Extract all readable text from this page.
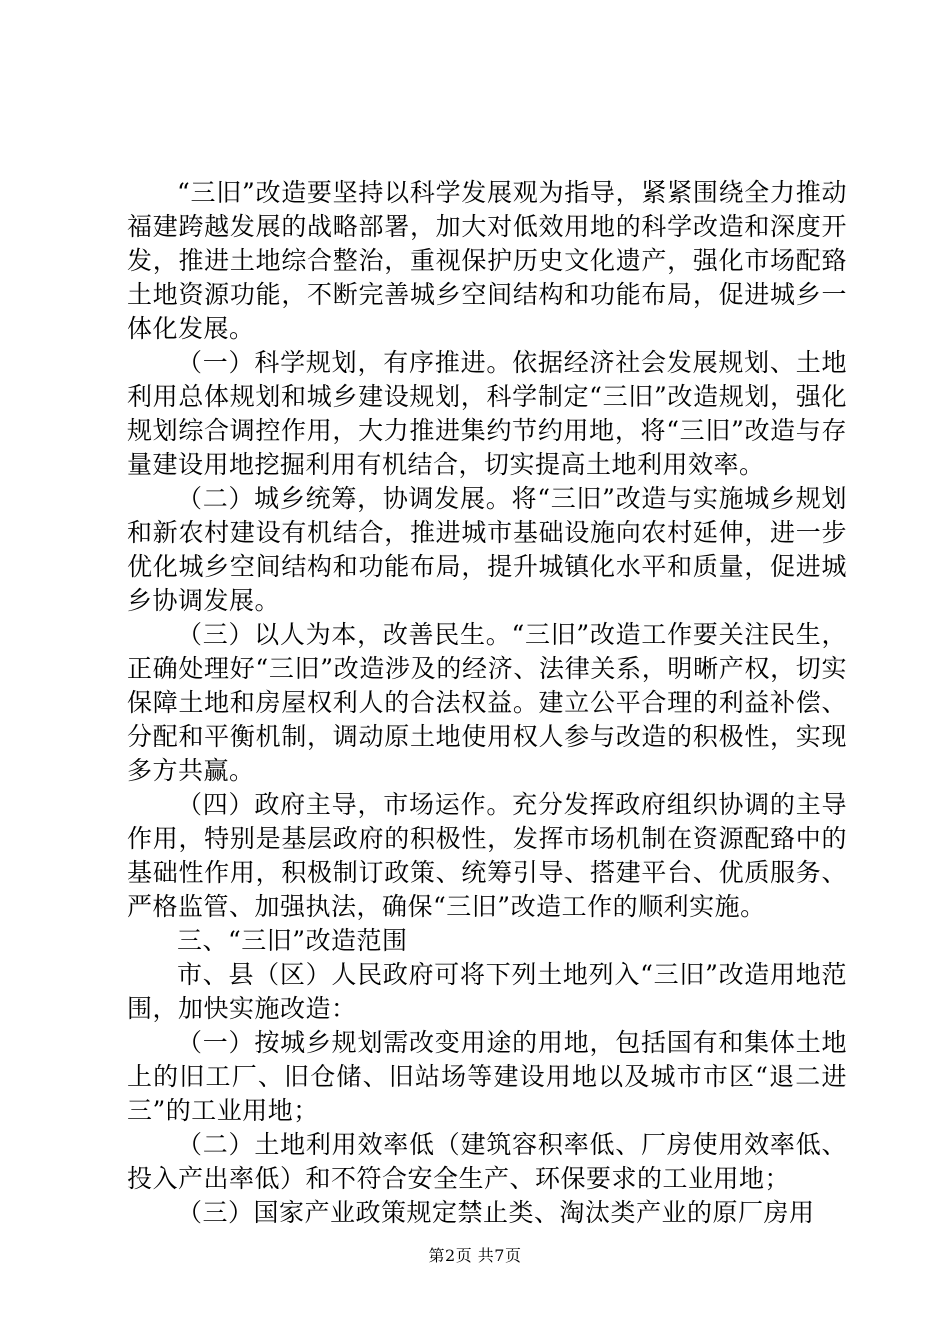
“三旧”改造要坚持以科学发展观为指导，紧紧围绕全力推动福建跨越发展的战略部署，加大对低效用地的科学改造和深度开发，推进土地综合整治，重视保护历史文化遗产，强化市场配臵土地资源功能，不断完善城乡空间结构和功能布局，促进城乡一体化发展。

（一）科学规划，有序推进。依据经济社会发展规划、土地利用总体规划和城乡建设规划，科学制定“三旧”改造规划，强化规划综合调控作用，大力推进集约节约用地，将“三旧”改造与存量建设用地挖掘利用有机结合，切实提高土地利用效率。

（二）城乡统筹，协调发展。将“三旧”改造与实施城乡规划和新农村建设有机结合，推进城市基础设施向农村延伸，进一步优化城乡空间结构和功能布局，提升城镇化水平和质量，促进城乡协调发展。

（三）以人为本，改善民生。“三旧”改造工作要关注民生，正确处理好“三旧”改造涉及的经济、法律关系，明晰产权，切实保障土地和房屋权利人的合法权益。建立公平合理的利益补偿、分配和平衡机制，调动原土地使用权人参与改造的积极性，实现多方共赢。

（四）政府主导，市场运作。充分发挥政府组织协调的主导作用，特别是基层政府的积极性，发挥市场机制在资源配臵中的基础性作用，积极制订政策、统筹引导、搭建平台、优质服务、严格监管、加强执法，确保“三旧”改造工作的顺利实施。

三、“三旧”改造范围

市、县（区）人民政府可将下列土地列入“三旧”改造用地范围，加快实施改造：

（一）按城乡规划需改变用途的用地，包括国有和集体土地上的旧工厂、旧仓储、旧站场等建设用地以及城市市区“退二进三”的工业用地；

（二）土地利用效率低（建筑容积率低、厂房使用效率低、投入产出率低）和不符合安全生产、环保要求的工业用地；

（三）国家产业政策规定禁止类、淘汰类产业的原厂房用

第2页 共7页
